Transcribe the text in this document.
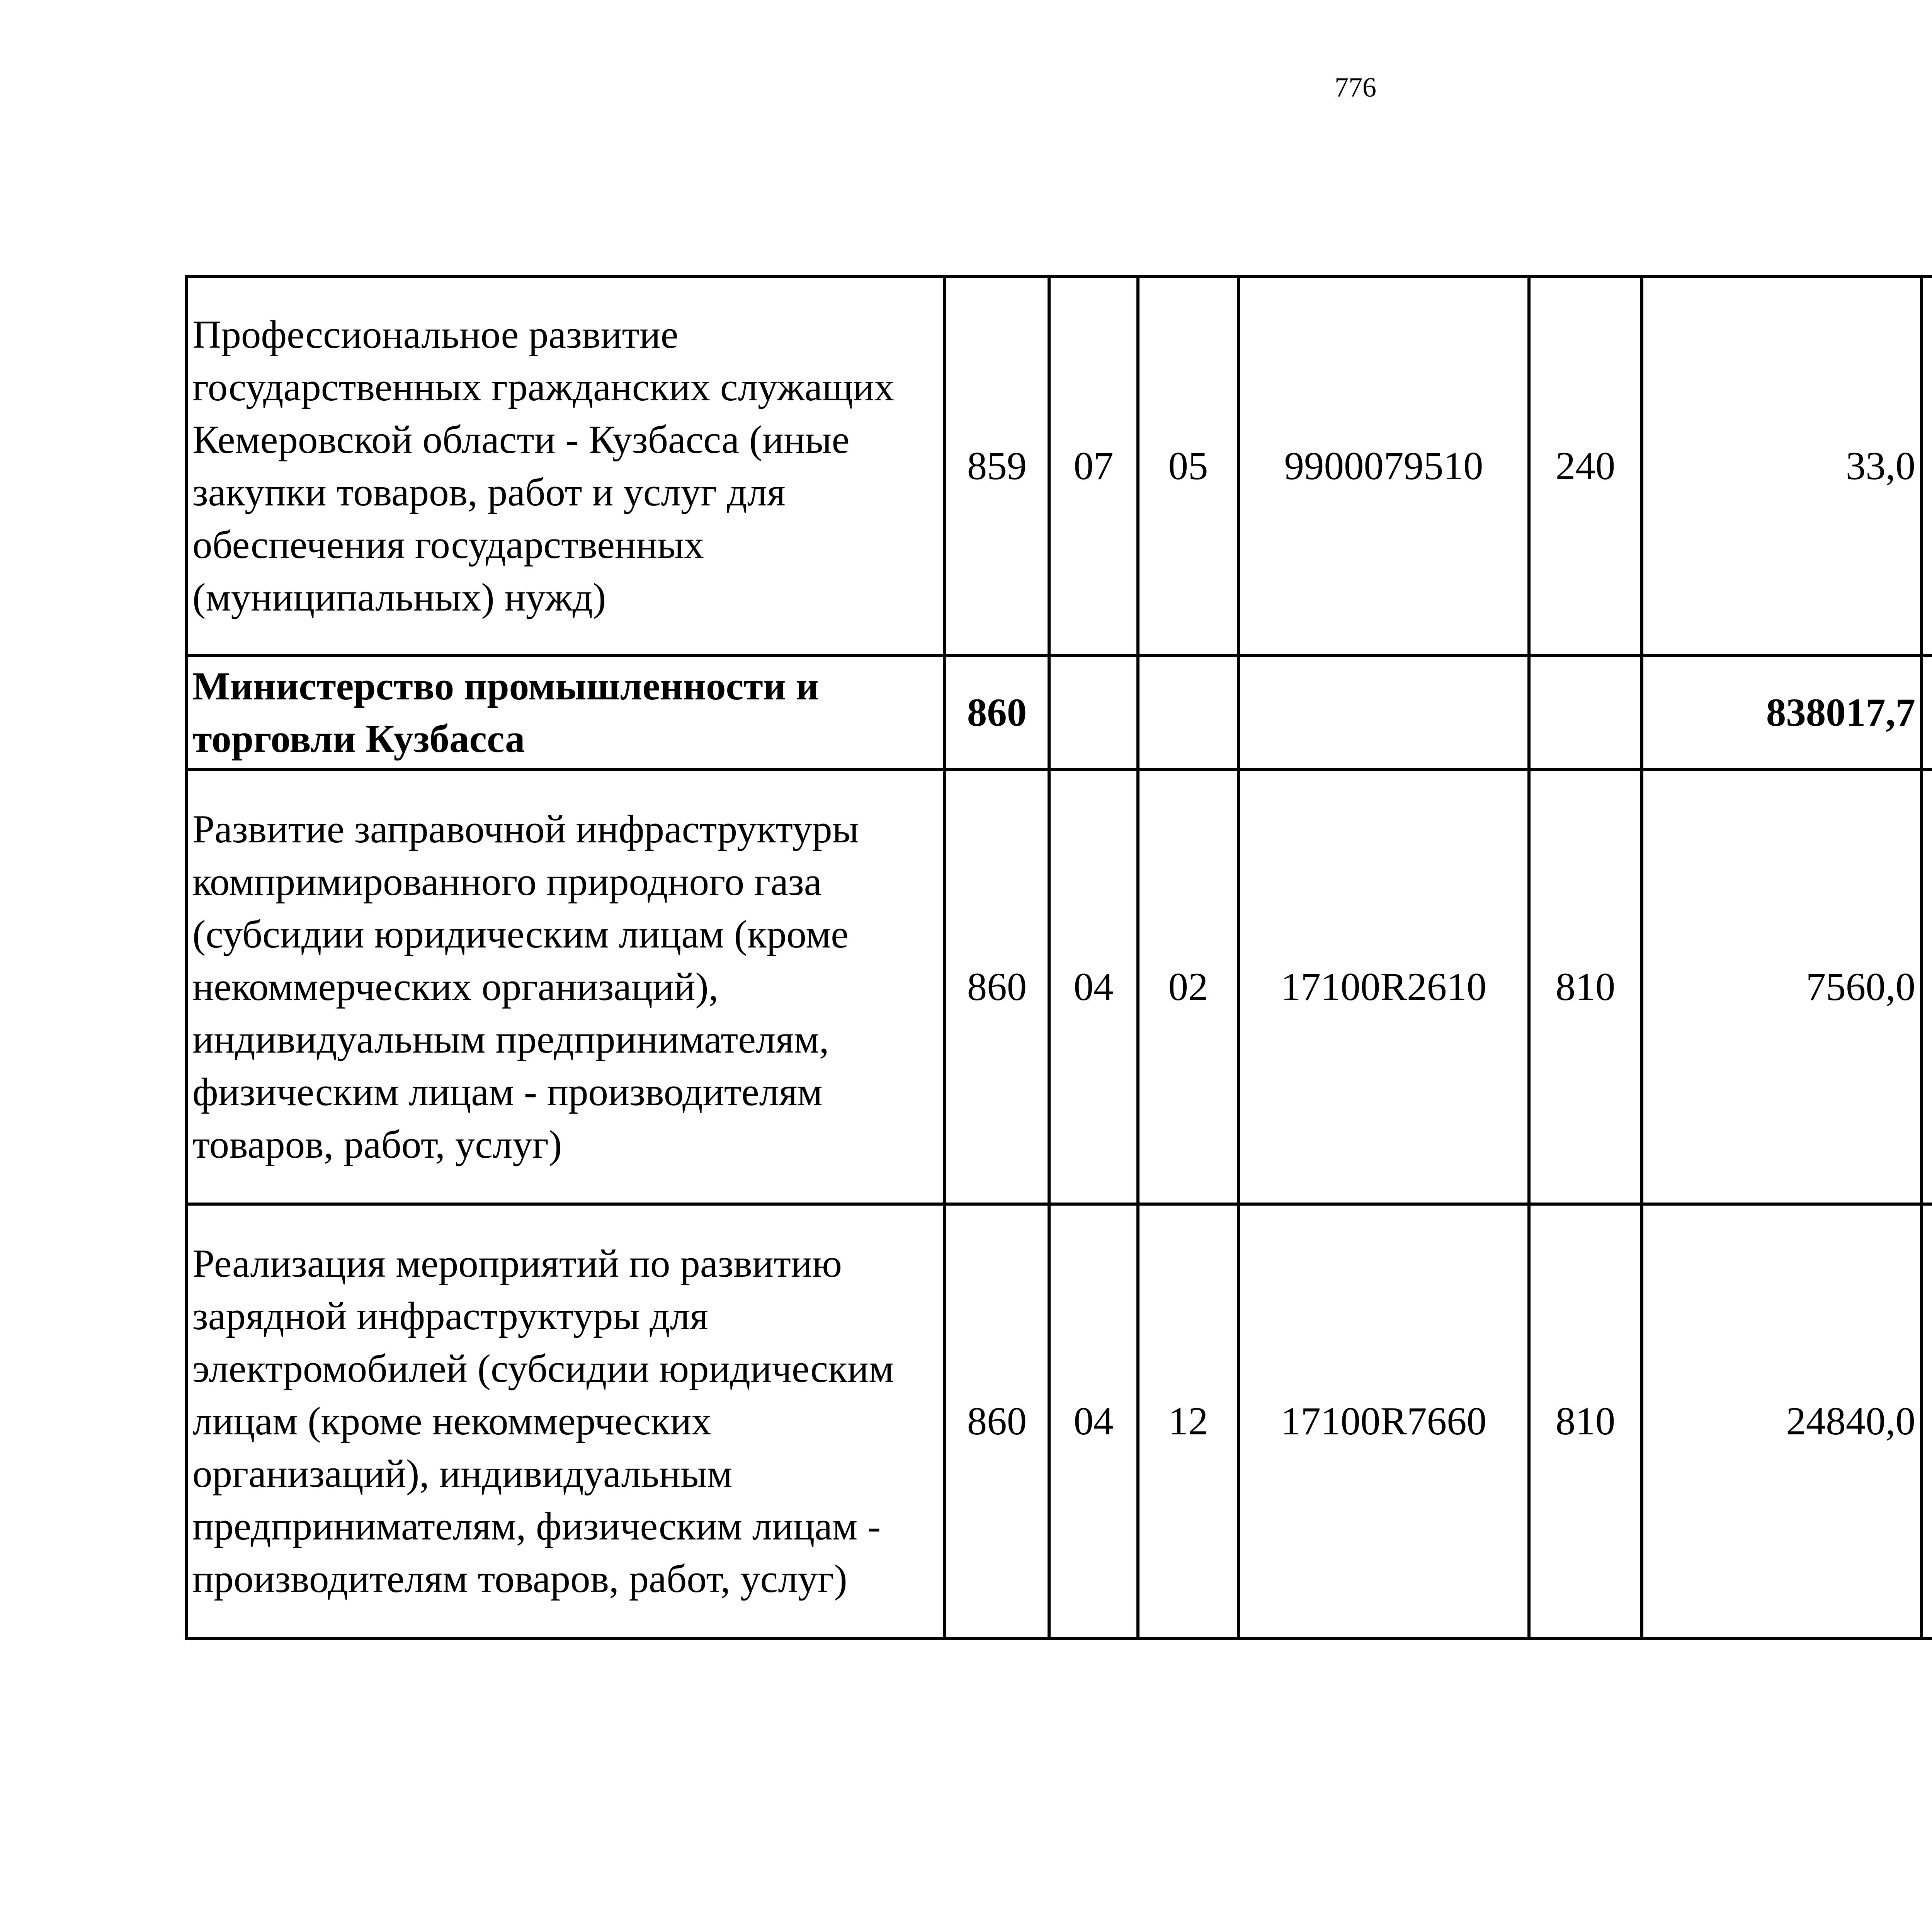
776
Профессиональное развитие государственных гражданских служащих Кемеровской области - Кузбасса (иные закупки товаров, работ и услуг для обеспечения государственных (муниципальных) нужд)	859	07	05	9900079510	240	33,0		
Министерство промышленности и торговли Кузбасса	860					838017,7		
Развитие заправочной инфраструктуры компримированного природного газа (субсидии юридическим лицам (кроме некоммерческих организаций), индивидуальным предпринимателям, физическим лицам - производителям товаров, работ, услуг)	860	04	02	17100R2610	810	7560,0		
Реализация мероприятий по развитию зарядной инфраструктуры для электромобилей (субсидии юридическим лицам (кроме некоммерческих организаций), индивидуальным предпринимателям, физическим лицам - производителям товаров, работ, услуг)	860	04	12	17100R7660	810	24840,0		
